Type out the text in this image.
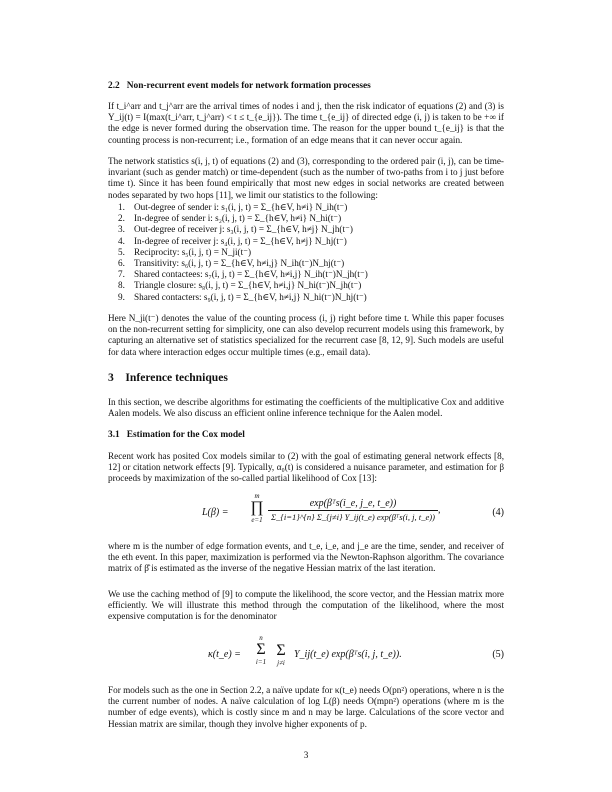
2.2 Non-recurrent event models for network formation processes

If t_i^arr and t_j^arr are the arrival times of nodes i and j, then the risk indicator of equations (2) and (3) is Y_ij(t) = I(max(t_i^arr, t_j^arr) < t ≤ t_{e_ij}). The time t_{e_ij} of directed edge (i, j) is taken to be +∞ if the edge is never formed during the observation time. The reason for the upper bound t_{e_ij} is that the counting process is non-recurrent; i.e., formation of an edge means that it can never occur again.

The network statistics s(i, j, t) of equations (2) and (3), corresponding to the ordered pair (i, j), can be time-invariant (such as gender match) or time-dependent (such as the number of two-paths from i to j just before time t). Since it has been found empirically that most new edges in social networks are created between nodes separated by two hops [11], we limit our statistics to the following:

1. Out-degree of sender i: s₁(i, j, t) = Σ_{h∈V, h≠i} N_ih(t⁻)
2. In-degree of sender i: s₂(i, j, t) = Σ_{h∈V, h≠i} N_hi(t⁻)
3. Out-degree of receiver j: s₃(i, j, t) = Σ_{h∈V, h≠j} N_jh(t⁻)
4. In-degree of receiver j: s₄(i, j, t) = Σ_{h∈V, h≠j} N_hj(t⁻)
5. Reciprocity: s₅(i, j, t) = N_ji(t⁻)
6. Transitivity: s₆(i, j, t) = Σ_{h∈V, h≠i,j} N_ih(t⁻)N_hj(t⁻)
7. Shared contactees: s₇(i, j, t) = Σ_{h∈V, h≠i,j} N_ih(t⁻)N_jh(t⁻)
8. Triangle closure: s₈(i, j, t) = Σ_{h∈V, h≠i,j} N_hi(t⁻)N_jh(t⁻)
9. Shared contacters: s₉(i, j, t) = Σ_{h∈V, h≠i,j} N_hi(t⁻)N_hj(t⁻)

Here N_ji(t⁻) denotes the value of the counting process (i, j) right before time t. While this paper focuses on the non-recurrent setting for simplicity, one can also develop recurrent models using this framework, by capturing an alternative set of statistics specialized for the recurrent case [8, 12, 9]. Such models are useful for data where interaction edges occur multiple times (e.g., email data).

3 Inference techniques

In this section, we describe algorithms for estimating the coefficients of the multiplicative Cox and additive Aalen models. We also discuss an efficient online inference technique for the Aalen model.

3.1 Estimation for the Cox model

Recent work has posited Cox models similar to (2) with the goal of estimating general network effects [8, 12] or citation network effects [9]. Typically, α₀(t) is considered a nuisance parameter, and estimation for β proceeds by maximization of the so-called partial likelihood of Cox [13]:

L(β) =
m
∏
$e=1 \frac{\text{exp(βᵀs(i\_e, j\_e, t\_e))}}{\text{Σ\_\{i=1\}\textasciicircum{}\{n\} Σ\_\{j≠i\} Y\_ij(t\_e) exp(βᵀs(i, j, t\_e))}}$ ,	(4)

where m is the number of edge formation events, and t_e, i_e, and j_e are the time, sender, and receiver of the eth event. In this paper, maximization is performed via the Newton-Raphson algorithm. The covariance matrix of β̂ is estimated as the inverse of the negative Hessian matrix of the last iteration.

We use the caching method of [9] to compute the likelihood, the score vector, and the Hessian matrix more efficiently. We will illustrate this method through the computation of the likelihood, where the most expensive computation is for the denominator

κ(t_e) =
n
Σ
i=1
Σ
j≠i
Y_ij(t_e) exp(βᵀs(i, j, t_e)).	(5)

For models such as the one in Section 2.2, a naïve update for κ(t_e) needs O(pn²) operations, where n is the the current number of nodes. A naïve calculation of log L(β) needs O(mpn²) operations (where m is the number of edge events), which is costly since m and n may be large. Calculations of the score vector and Hessian matrix are similar, though they involve higher exponents of p.

3
